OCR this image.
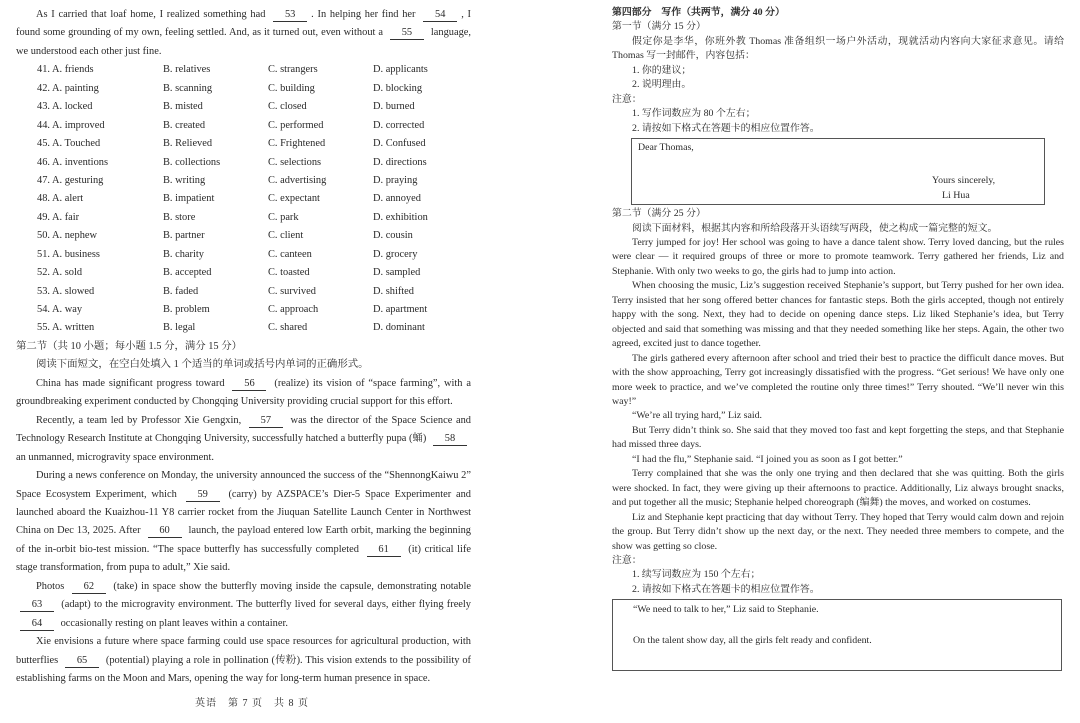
As I carried that loaf home, I realized something had 53 . In helping her find her 54 , I found some grounding of my own, feeling settled. And, as it turned out, even without a 55 language, we understood each other just fine.
41. A. friends	B. relatives	C. strangers	D. applicants
42. A. painting	B. scanning	C. building	D. blocking
43. A. locked	B. misted	C. closed	D. burned
44. A. improved	B. created	C. performed	D. corrected
45. A. Touched	B. Relieved	C. Frightened	D. Confused
46. A. inventions	B. collections	C. selections	D. directions
47. A. gesturing	B. writing	C. advertising	D. praying
48. A. alert	B. impatient	C. expectant	D. annoyed
49. A. fair	B. store	C. park	D. exhibition
50. A. nephew	B. partner	C. client	D. cousin
51. A. business	B. charity	C. canteen	D. grocery
52. A. sold	B. accepted	C. toasted	D. sampled
53. A. slowed	B. faded	C. survived	D. shifted
54. A. way	B. problem	C. approach	D. apartment
55. A. written	B. legal	C. shared	D. dominant
第二节（共 10 小题；每小题 1.5 分，满分 15 分）
阅读下面短文，在空白处填入 1 个适当的单词或括号内单词的正确形式。
China has made significant progress toward 56 (realize) its vision of “space farming”, with a groundbreaking experiment conducted by Chongqing University providing crucial support for this effort.
Recently, a team led by Professor Xie Gengxin, 57 was the director of the Space Science and Technology Research Institute at Chongqing University, successfully hatched a butterfly pupa (蛹) 58 an unmanned, microgravity space environment.
During a news conference on Monday, the university announced the success of the “ShennongKaiwu 2” Space Ecosystem Experiment, which 59 (carry) by AZSPACE’s Dier-5 Space Experimenter and launched aboard the Kuaizhou-11 Y8 carrier rocket from the Jiuquan Satellite Launch Center in Northwest China on Dec 13, 2025. After 60 launch, the payload entered low Earth orbit, marking the beginning of the in-orbit bio-test mission. “The space butterfly has successfully completed 61 (it) critical life stage transformation, from pupa to adult,” Xie said.
Photos 62 (take) in space show the butterfly moving inside the capsule, demonstrating notable 63 (adapt) to the microgravity environment. The butterfly lived for several days, either flying freely 64 occasionally resting on plant leaves within a container.
Xie envisions a future where space farming could use space resources for agricultural production, with butterflies 65 (potential) playing a role in pollination (传粉). This vision extends to the possibility of establishing farms on the Moon and Mars, opening the way for long-term human presence in space.
英语　第 7 页　共 8 页
第四部分　写作（共两节，满分 40 分）
第一节（满分 15 分）
假定你是李华，你班外教 Thomas 准备组织一场户外活动，现就活动内容向大家征求意见。请给 Thomas 写一封邮件，内容包括：
1. 你的建议；
2. 说明理由。
注意：
1. 写作词数应为 80 个左右；
2. 请按如下格式在答题卡的相应位置作答。
Dear Thomas,
Yours sincerely,
Li Hua
第二节（满分 25 分）
阅读下面材料，根据其内容和所给段落开头语续写两段，使之构成一篇完整的短文。
Terry jumped for joy! Her school was going to have a dance talent show. Terry loved dancing, but the rules were clear — it required groups of three or more to promote teamwork. Terry gathered her friends, Liz and Stephanie. With only two weeks to go, the girls had to jump into action.
When choosing the music, Liz’s suggestion received Stephanie’s support, but Terry pushed for her own idea. Terry insisted that her song offered better chances for fantastic steps. Both the girls accepted, though not entirely happy with the song. Next, they had to decide on opening dance steps. Liz liked Stephanie’s idea, but Terry objected and said that something was missing and that they needed something like her steps. Again, the other two agreed, excited just to dance together.
The girls gathered every afternoon after school and tried their best to practice the difficult dance moves. But with the show approaching, Terry got increasingly dissatisfied with the progress. “Get serious! We have only one more week to practice, and we’ve completed the routine only three times!” Terry shouted. “We’ll never win this way!”
“We’re all trying hard,” Liz said.
But Terry didn’t think so. She said that they moved too fast and kept forgetting the steps, and that Stephanie had missed three days.
“I had the flu,” Stephanie said. “I joined you as soon as I got better.”
Terry complained that she was the only one trying and then declared that she was quitting. Both the girls were shocked. In fact, they were giving up their afternoons to practice. Additionally, Liz always brought snacks, and put together all the music; Stephanie helped choreograph (编舞) the moves, and worked on costumes.
Liz and Stephanie kept practicing that day without Terry. They hoped that Terry would calm down and rejoin the group. But Terry didn’t show up the next day, or the next. They needed three members to compete, and the show was getting so close.
注意：
1. 续写词数应为 150 个左右；
2. 请按如下格式在答题卡的相应位置作答。
“We need to talk to her,” Liz said to Stephanie.
On the talent show day, all the girls felt ready and confident.
